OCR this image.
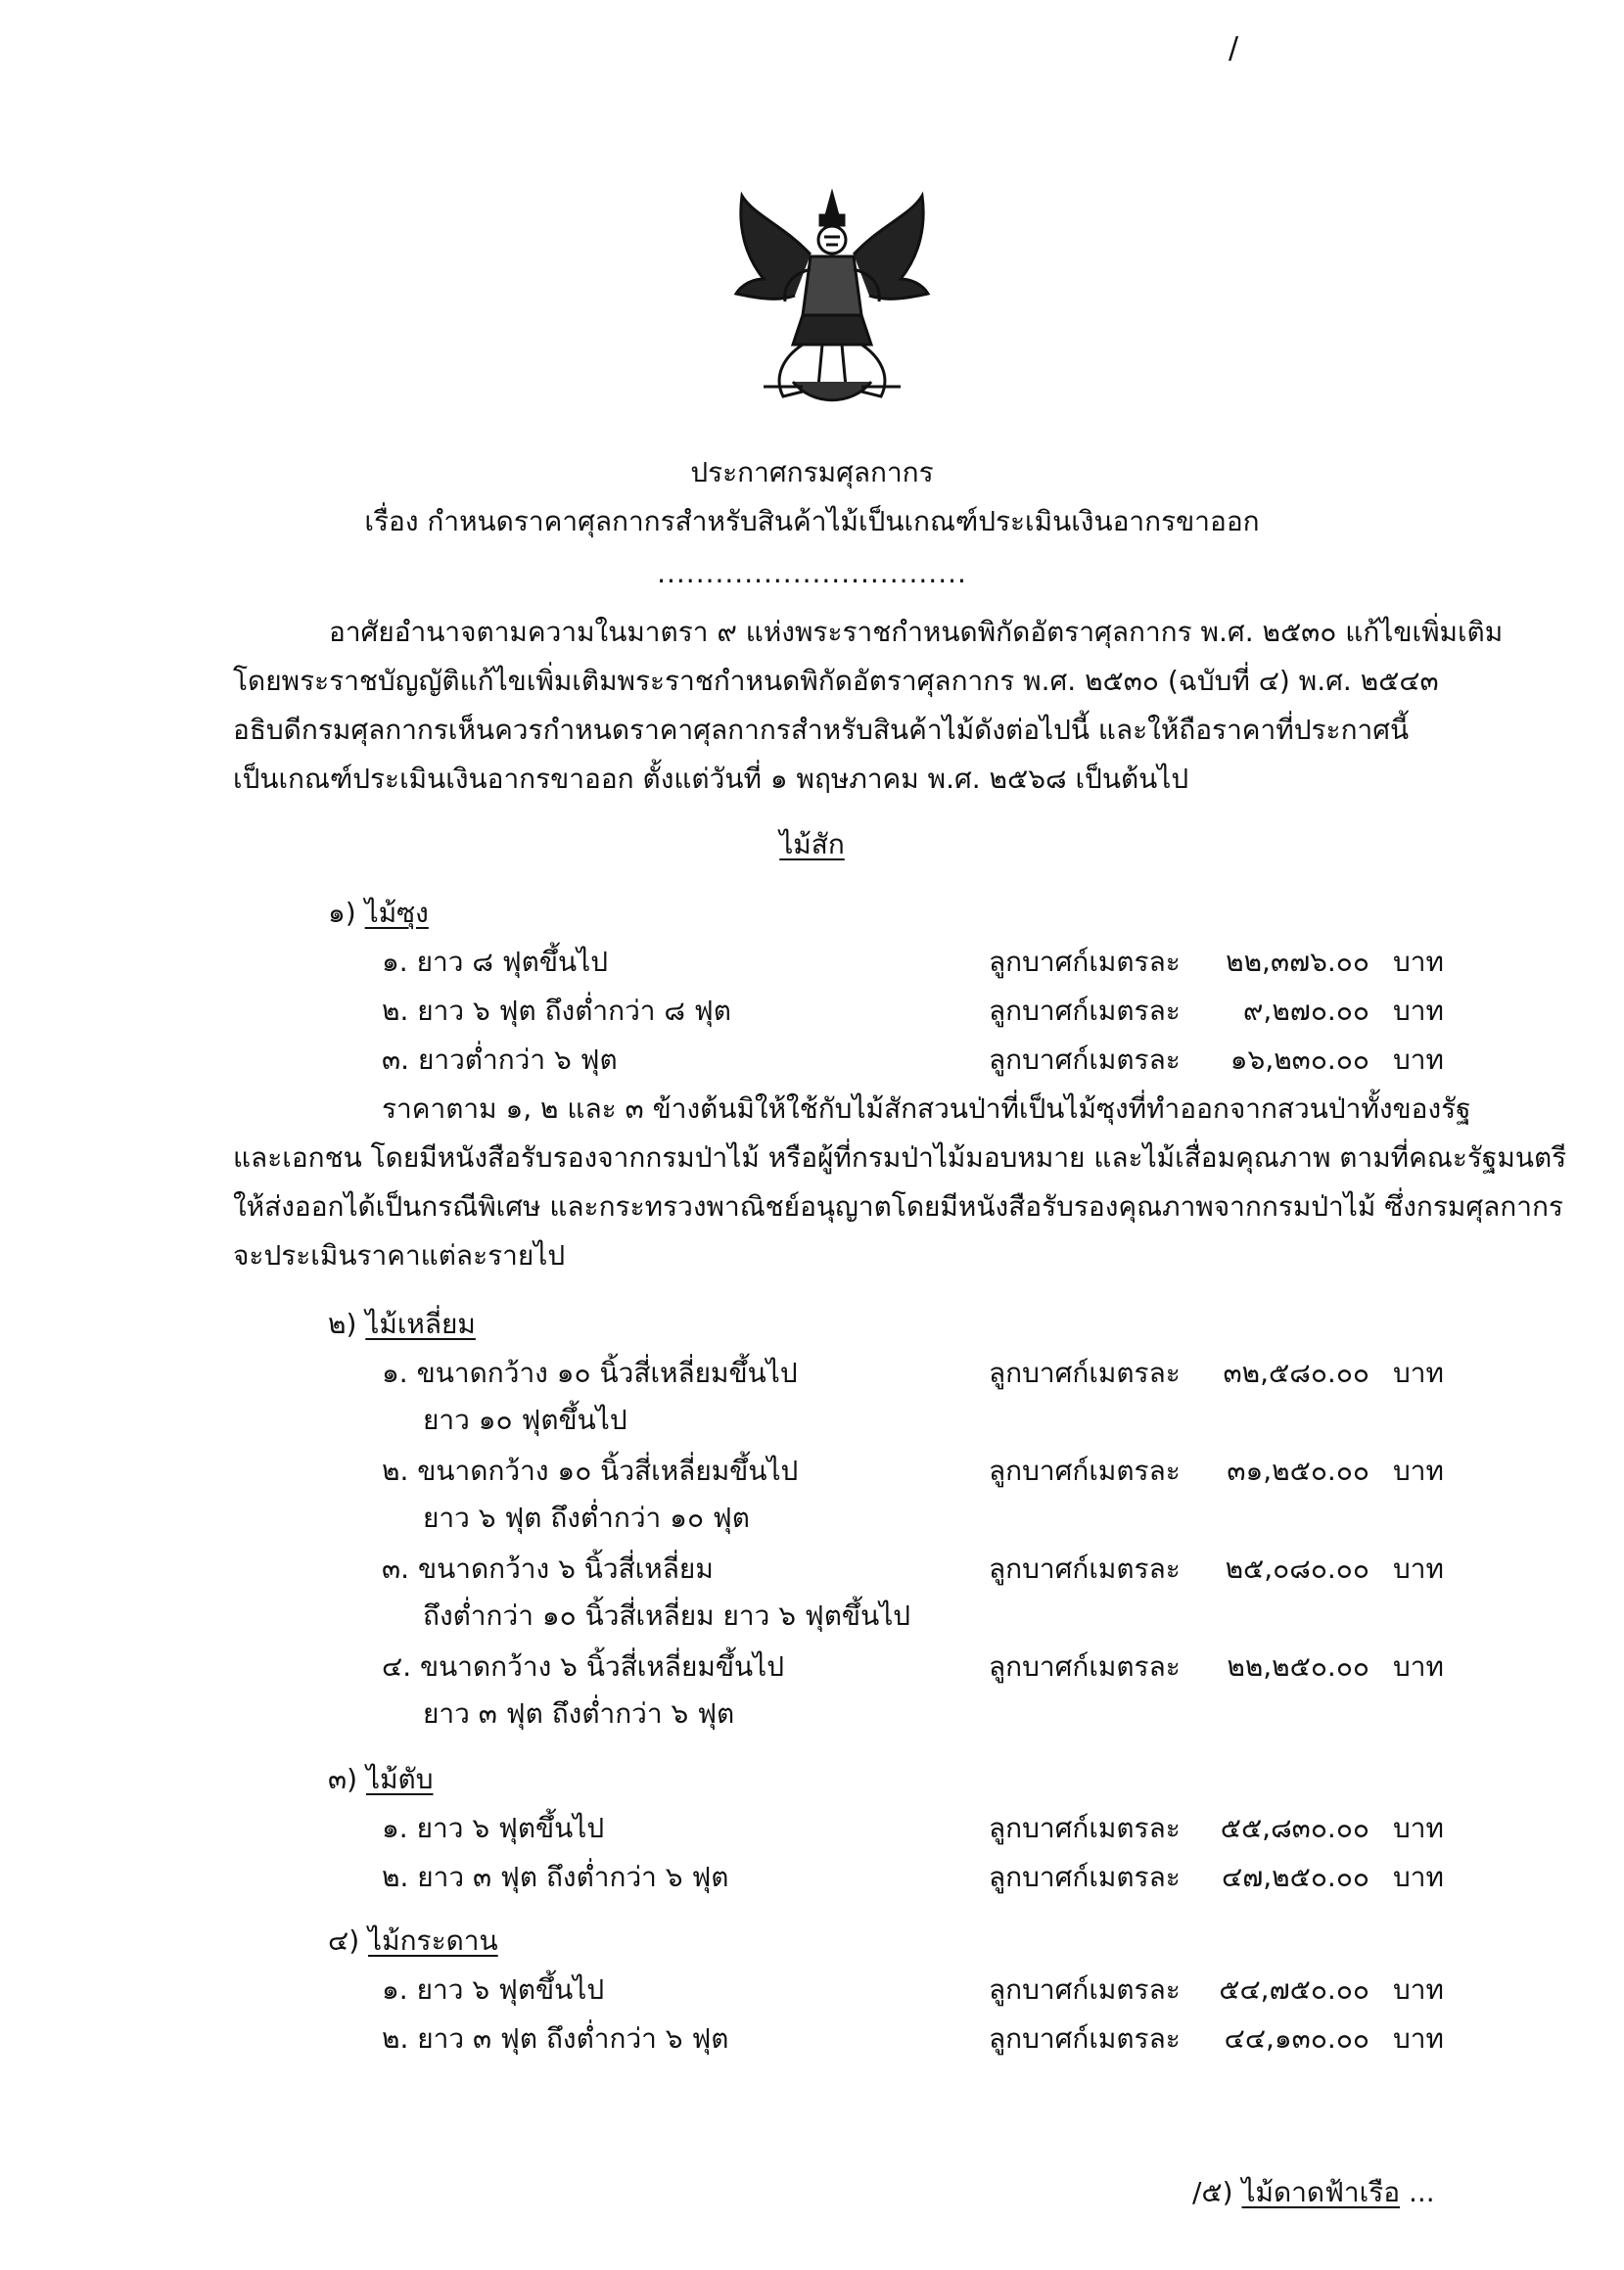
/
ประกาศกรมศุลกากร
เรื่อง กำหนดราคาศุลกากรสำหรับสินค้าไม้เป็นเกณฑ์ประเมินเงินอากรขาออก
................................
อาศัยอำนาจตามความในมาตรา ๙ แห่งพระราชกำหนดพิกัดอัตราศุลกากร พ.ศ. ๒๕๓๐ แก้ไขเพิ่มเติม
โดยพระราชบัญญัติแก้ไขเพิ่มเติมพระราชกำหนดพิกัดอัตราศุลกากร พ.ศ. ๒๕๓๐ (ฉบับที่ ๔) พ.ศ. ๒๕๔๓
อธิบดีกรมศุลกากรเห็นควรกำหนดราคาศุลกากรสำหรับสินค้าไม้ดังต่อไปนี้ และให้ถือราคาที่ประกาศนี้
เป็นเกณฑ์ประเมินเงินอากรขาออก ตั้งแต่วันที่ ๑ พฤษภาคม พ.ศ. ๒๕๖๘ เป็นต้นไป
ไม้สัก
๑) ไม้ซุง
๑. ยาว ๘ ฟุตขึ้นไป	ลูกบาศก์เมตรละ ๒๒,๓๗๖.๐๐ บาท
๒. ยาว ๖ ฟุต ถึงต่ำกว่า ๘ ฟุต	ลูกบาศก์เมตรละ ๙,๒๗๐.๐๐ บาท
๓. ยาวต่ำกว่า ๖ ฟุต	ลูกบาศก์เมตรละ ๑๖,๒๓๐.๐๐ บาท
ราคาตาม ๑, ๒ และ ๓ ข้างต้นมิให้ใช้กับไม้สักสวนป่าที่เป็นไม้ซุงที่ทำออกจากสวนป่าทั้งของรัฐ
และเอกชน โดยมีหนังสือรับรองจากกรมป่าไม้ หรือผู้ที่กรมป่าไม้มอบหมาย และไม้เสื่อมคุณภาพ ตามที่คณะรัฐมนตรี
ให้ส่งออกได้เป็นกรณีพิเศษ และกระทรวงพาณิชย์อนุญาตโดยมีหนังสือรับรองคุณภาพจากกรมป่าไม้ ซึ่งกรมศุลกากร
จะประเมินราคาแต่ละรายไป
๒) ไม้เหลี่ยม
๑. ขนาดกว้าง ๑๐ นิ้วสี่เหลี่ยมขึ้นไป
ยาว ๑๐ ฟุตขึ้นไป
ลูกบาศก์เมตรละ ๓๒,๕๘๐.๐๐ บาท
๒. ขนาดกว้าง ๑๐ นิ้วสี่เหลี่ยมขึ้นไป
ยาว ๖ ฟุต ถึงต่ำกว่า ๑๐ ฟุต
ลูกบาศก์เมตรละ ๓๑,๒๕๐.๐๐ บาท
๓. ขนาดกว้าง ๖ นิ้วสี่เหลี่ยม
ถึงต่ำกว่า ๑๐ นิ้วสี่เหลี่ยม ยาว ๖ ฟุตขึ้นไป
ลูกบาศก์เมตรละ ๒๕,๐๘๐.๐๐ บาท
๔. ขนาดกว้าง ๖ นิ้วสี่เหลี่ยมขึ้นไป
ยาว ๓ ฟุต ถึงต่ำกว่า ๖ ฟุต
ลูกบาศก์เมตรละ ๒๒,๒๕๐.๐๐ บาท
๓) ไม้ตับ
๑. ยาว ๖ ฟุตขึ้นไป	ลูกบาศก์เมตรละ ๕๕,๘๓๐.๐๐ บาท
๒. ยาว ๓ ฟุต ถึงต่ำกว่า ๖ ฟุต	ลูกบาศก์เมตรละ ๔๗,๒๕๐.๐๐ บาท
๔) ไม้กระดาน
๑. ยาว ๖ ฟุตขึ้นไป	ลูกบาศก์เมตรละ ๕๔,๗๕๐.๐๐ บาท
๒. ยาว ๓ ฟุต ถึงต่ำกว่า ๖ ฟุต	ลูกบาศก์เมตรละ ๔๔,๑๓๐.๐๐ บาท
/๕) ไม้ดาดฟ้าเรือ ...
